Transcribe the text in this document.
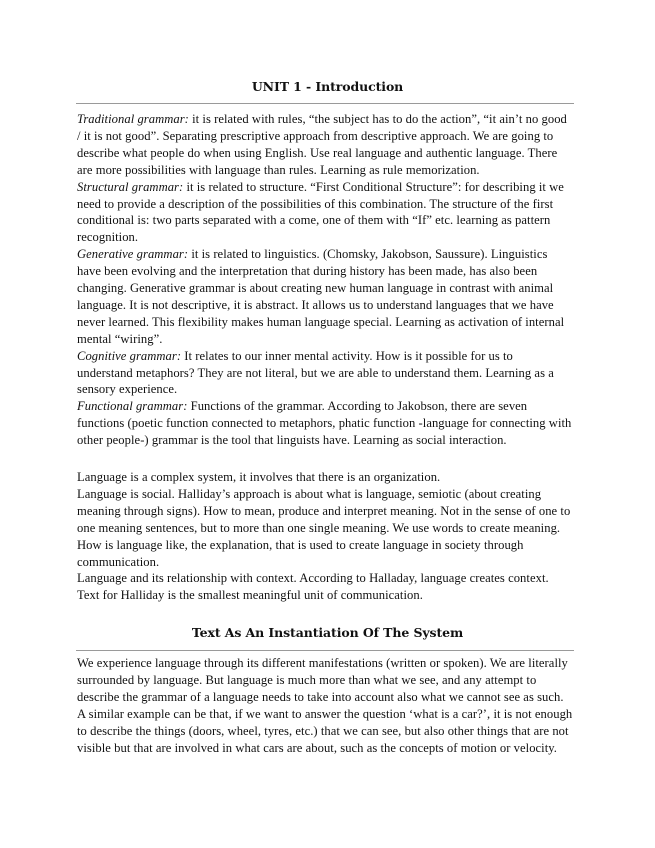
UNIT 1 - Introduction
Traditional grammar: it is related with rules, “the subject has to do the action”, “it ain’t no good
/ it is not good”. Separating prescriptive approach from descriptive approach. We are going to
describe what people do when using English. Use real language and authentic language. There
are more possibilities with language than rules. Learning as rule memorization.
Structural grammar: it is related to structure. “First Conditional Structure”: for describing it we
need to provide a description of the possibilities of this combination. The structure of the first
conditional is: two parts separated with a come, one of them with “If” etc. learning as pattern
recognition.
Generative grammar: it is related to linguistics. (Chomsky, Jakobson, Saussure). Linguistics
have been evolving and the interpretation that during history has been made, has also been
changing. Generative grammar is about creating new human language in contrast with animal
language. It is not descriptive, it is abstract. It allows us to understand languages that we have
never learned. This flexibility makes human language special. Learning as activation of internal
mental “wiring”.
Cognitive grammar: It relates to our inner mental activity. How is it possible for us to
understand metaphors? They are not literal, but we are able to understand them. Learning as a
sensory experience.
Functional grammar: Functions of the grammar. According to Jakobson, there are seven
functions (poetic function connected to metaphors, phatic function -language for connecting with
other people-) grammar is the tool that linguists have. Learning as social interaction.
Language is a complex system, it involves that there is an organization.
Language is social. Halliday’s approach is about what is language, semiotic (about creating
meaning through signs). How to mean, produce and interpret meaning. Not in the sense of one to
one meaning sentences, but to more than one single meaning. We use words to create meaning.
How is language like, the explanation, that is used to create language in society through
communication.
Language and its relationship with context. According to Halladay, language creates context.
Text for Halliday is the smallest meaningful unit of communication.
Text As An Instantiation Of The System
We experience language through its different manifestations (written or spoken). We are literally
surrounded by language. But language is much more than what we see, and any attempt to
describe the grammar of a language needs to take into account also what we cannot see as such.
A similar example can be that, if we want to answer the question ‘what is a car?’, it is not enough
to describe the things (doors, wheel, tyres, etc.) that we can see, but also other things that are not
visible but that are involved in what cars are about, such as the concepts of motion or velocity.
